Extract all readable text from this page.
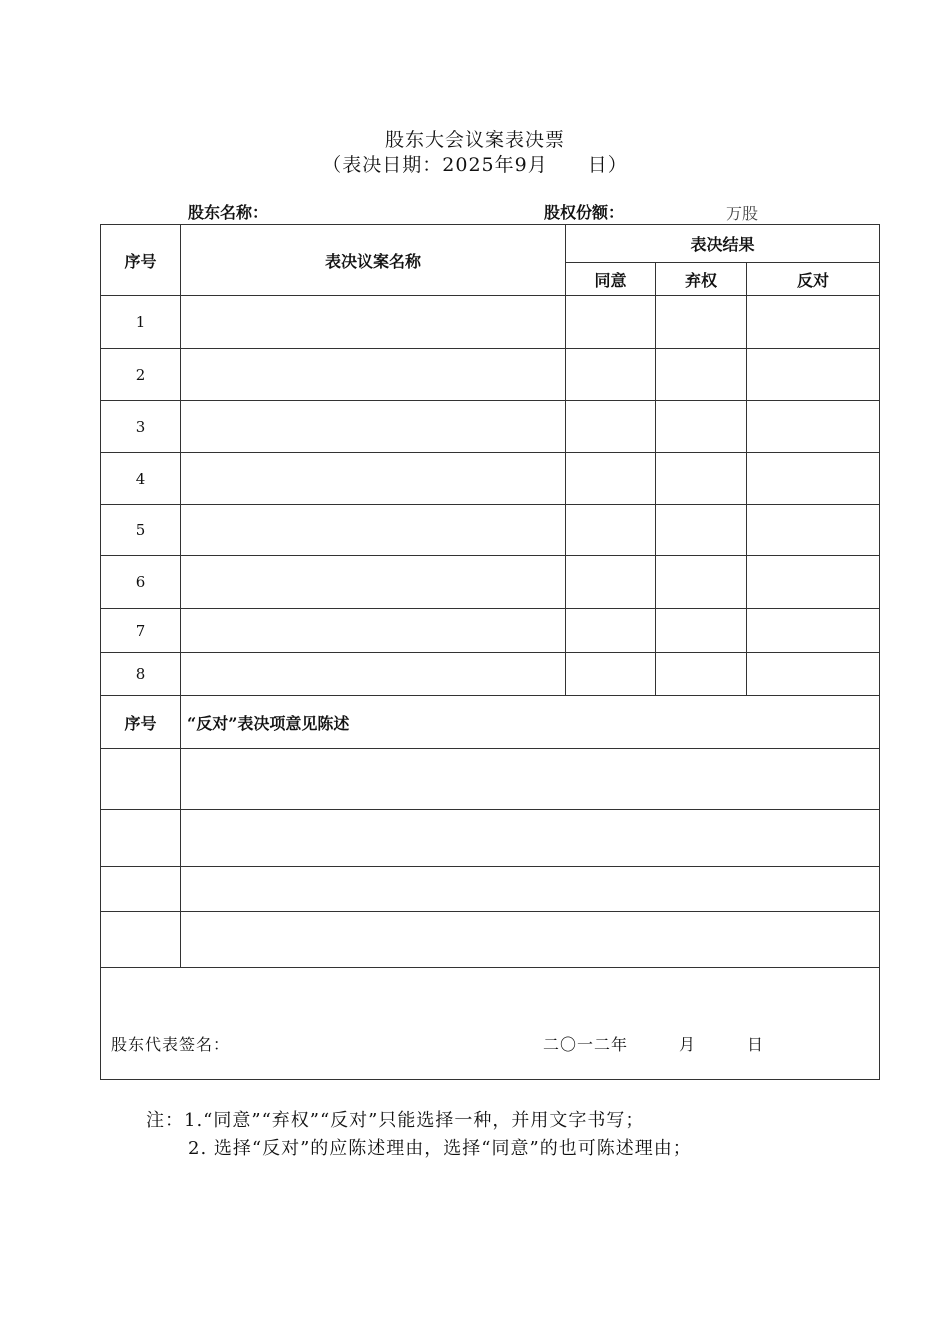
股东大会议案表决票
（表决日期：2025年9月　　日）
股东名称：	股权份额：	万股
序号	表决议案名称	表决结果		
		同意	弃权	反对
1				
2				
3				
4				
5				
6				
7				
8				
序号	“反对”表决项意见陈述

股东代表签名： 二〇一二年　　　月　　　日	
注：1.“同意”“弃权”“反对”只能选择一种，并用文字书写；
2. 选择“反对”的应陈述理由，选择“同意”的也可陈述理由；
